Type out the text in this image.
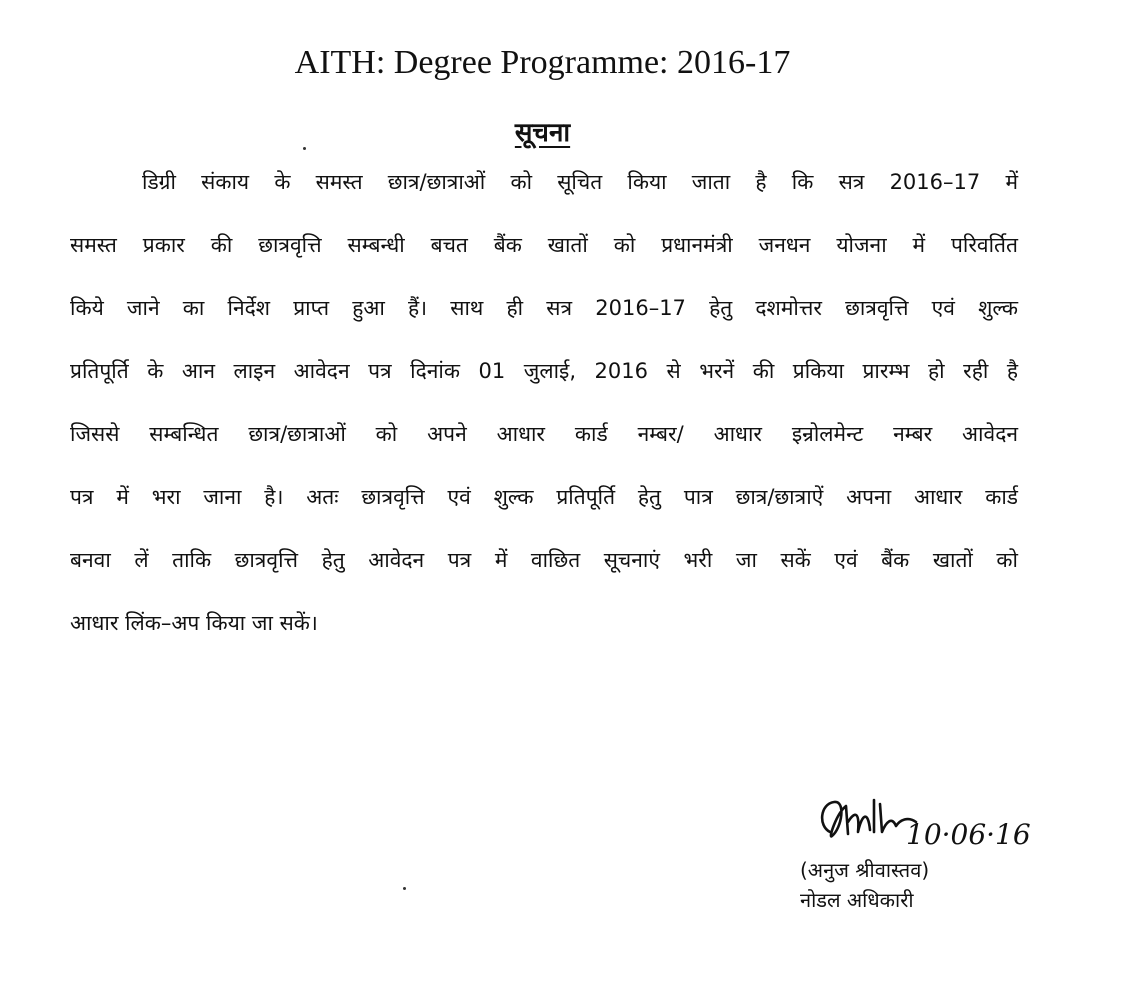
AITH: Degree Programme: 2016-17
सूचना
डिग्री संकाय के समस्त छात्र/छात्राओं को सूचित किया जाता है कि सत्र 2016–17 में
समस्त प्रकार की छात्रवृत्ति सम्बन्धी बचत बैंक खातों को प्रधानमंत्री जनधन योजना में परिवर्तित
किये जाने का निर्देश प्राप्त हुआ हैं। साथ ही सत्र 2016–17 हेतु दशमोत्तर छात्रवृत्ति एवं शुल्क
प्रतिपूर्ति के आन लाइन आवेदन पत्र दिनांक 01 जुलाई, 2016 से भरनें की प्रकिया प्रारम्भ हो रही है
जिससे सम्बन्धित छात्र/छात्राओं को अपने आधार कार्ड नम्बर/ आधार इन्रोलमेन्ट नम्बर आवेदन
पत्र में भरा जाना है। अतः छात्रवृत्ति एवं शुल्क प्रतिपूर्ति हेतु पात्र छात्र/छात्राऐं अपना आधार कार्ड
बनवा लें ताकि छात्रवृत्ति हेतु आवेदन पत्र में वाछित सूचनाएं भरी जा सकें एवं बैंक खातों को
आधार लिंक–अप किया जा सकें।
10·06·16
(अनुज श्रीवास्तव)
नोडल अधिकारी
